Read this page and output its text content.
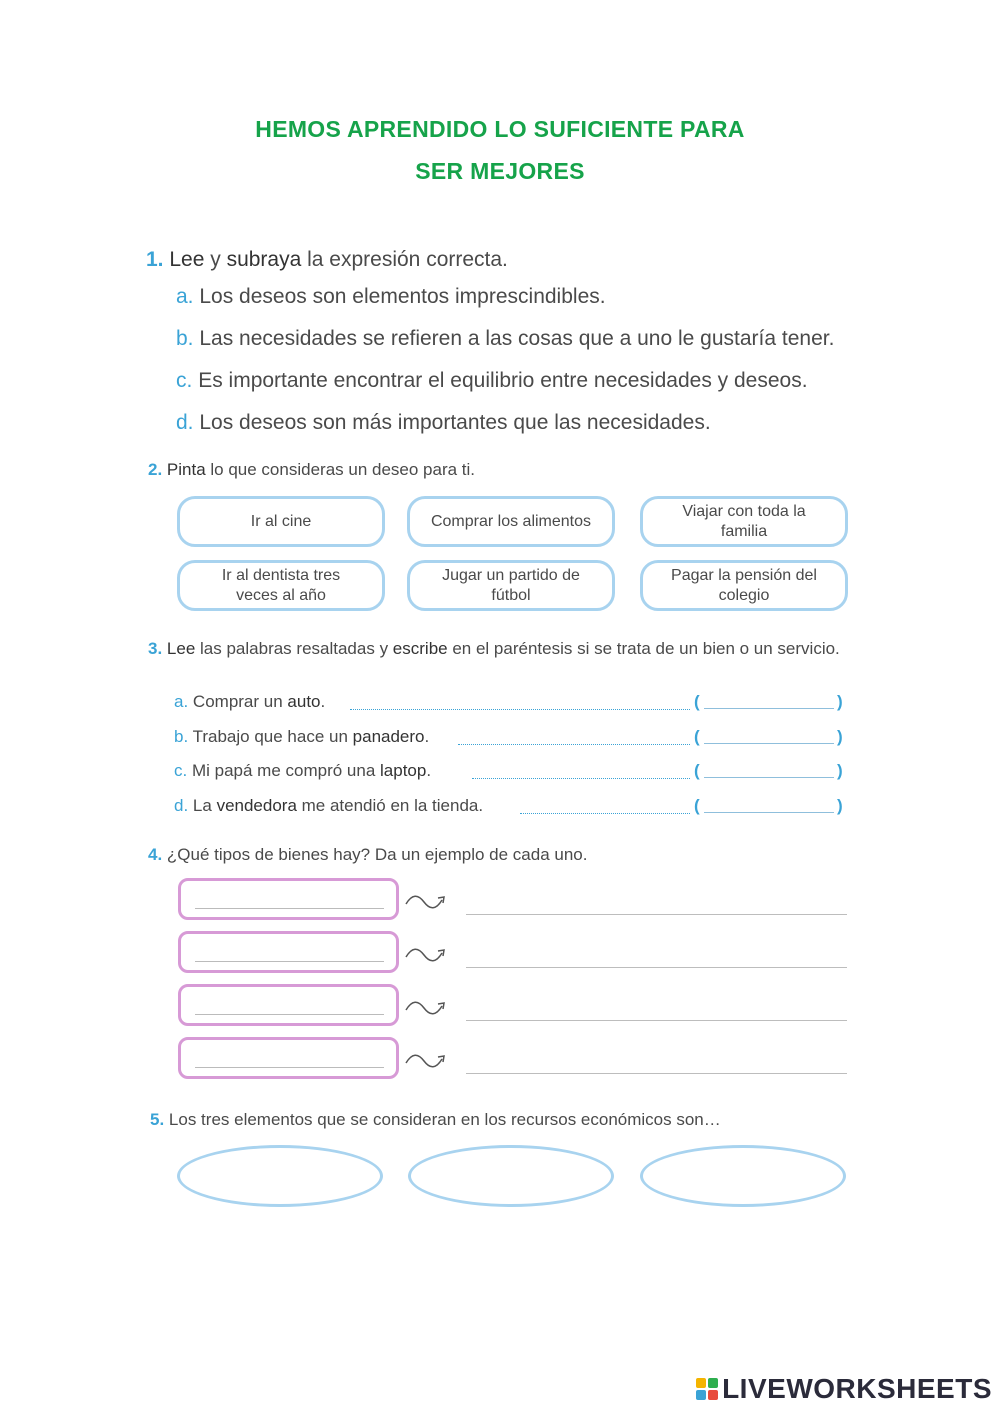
HEMOS APRENDIDO LO SUFICIENTE PARA
SER MEJORES
1. Lee y subraya la expresión correcta.
a. Los deseos son elementos imprescindibles.
b. Las necesidades se refieren a las cosas que a uno le gustaría tener.
c. Es importante encontrar el equilibrio entre necesidades y deseos.
d. Los deseos son más importantes que las necesidades.
2. Pinta lo que consideras un deseo para ti.
Ir al cine	Comprar los alimentos
Viajar con toda la familia
Ir al dentista tres veces al año
Jugar un partido de fútbol
Pagar la pensión del colegio
3. Lee las palabras resaltadas y escribe en el paréntesis si se trata de un bien o un servicio.
a. Comprar un auto.	(	)
b. Trabajo que hace un panadero.	(	)
c. Mi papá me compró una laptop.	(	)
d. La vendedora me atendió en la tienda.	(	)
4. ¿Qué tipos de bienes hay? Da un ejemplo de cada uno.
5. Los tres elementos que se consideran en los recursos económicos son…
LIVEWORKSHEETS
